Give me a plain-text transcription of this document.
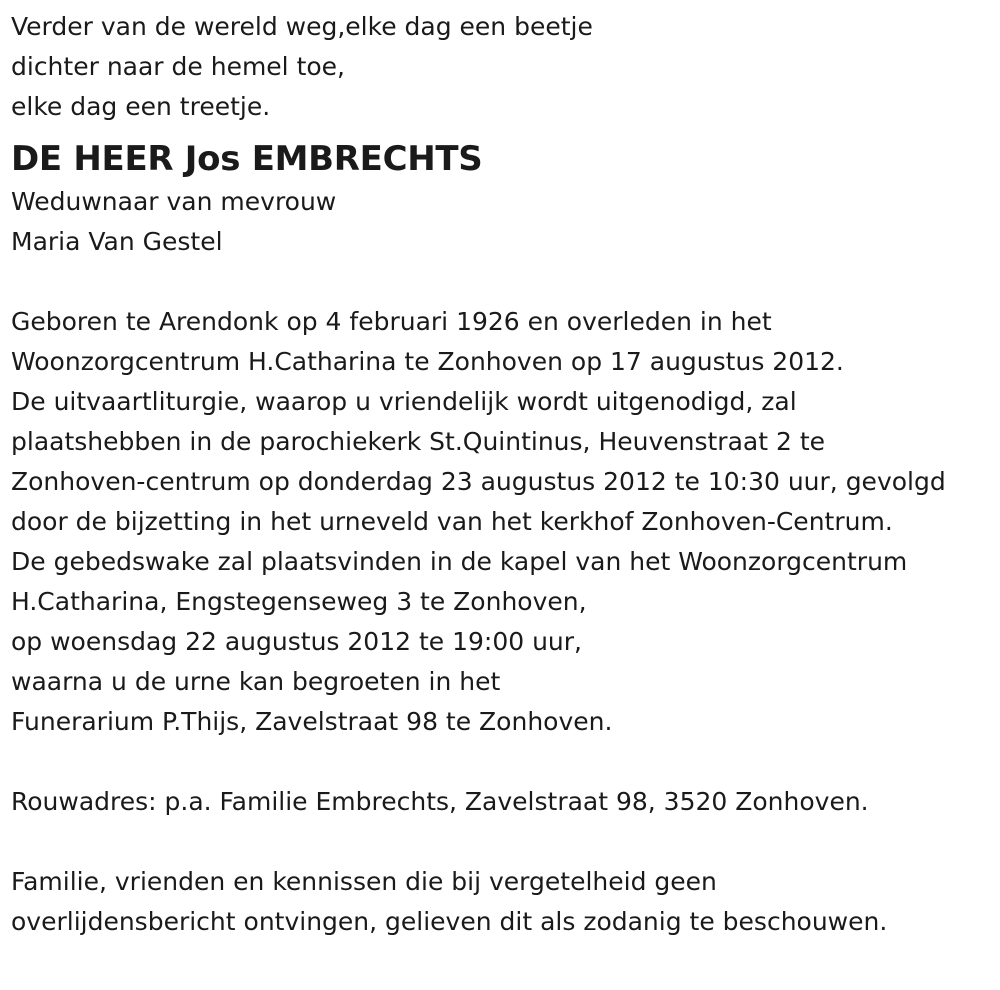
Verder van de wereld weg,elke dag een beetje
dichter naar de hemel toe,
elke dag een treetje.
DE HEER Jos EMBRECHTS
Weduwnaar van mevrouw
Maria Van Gestel
Geboren te Arendonk op 4 februari 1926 en overleden in het
Woonzorgcentrum H.Catharina te Zonhoven op 17 augustus 2012.
De uitvaartliturgie, waarop u vriendelijk wordt uitgenodigd, zal
plaatshebben in de parochiekerk St.Quintinus, Heuvenstraat 2 te
Zonhoven-centrum op donderdag 23 augustus 2012 te 10:30 uur, gevolgd
door de bijzetting in het urneveld van het kerkhof Zonhoven-Centrum.
De gebedswake zal plaatsvinden in de kapel van het Woonzorgcentrum
H.Catharina, Engstegenseweg 3 te Zonhoven,
op woensdag 22 augustus 2012 te 19:00 uur,
waarna u de urne kan begroeten in het
Funerarium P.Thijs, Zavelstraat 98 te Zonhoven.
Rouwadres: p.a. Familie Embrechts, Zavelstraat 98, 3520 Zonhoven.
Familie, vrienden en kennissen die bij vergetelheid geen
overlijdensbericht ontvingen, gelieven dit als zodanig te beschouwen.
